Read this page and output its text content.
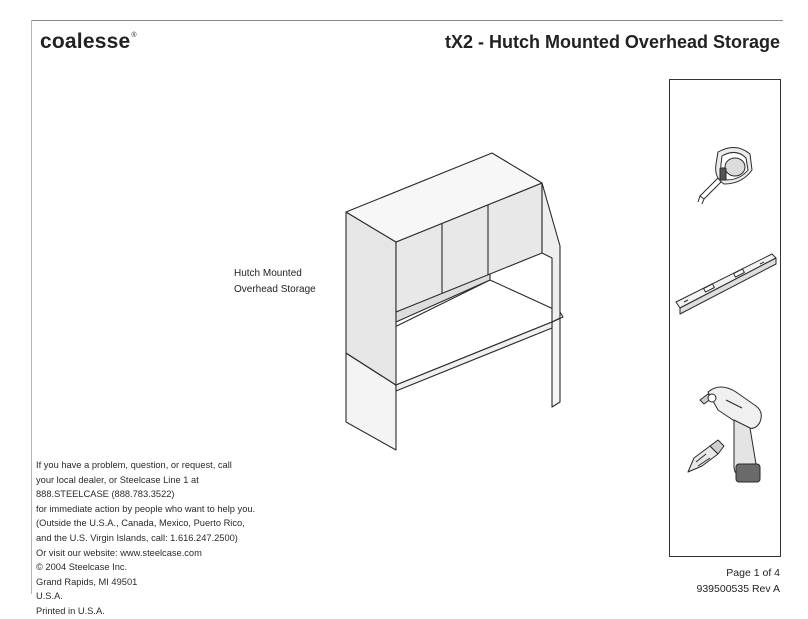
coalesse®	tX2 - Hutch Mounted Overhead Storage
Hutch Mounted
Overhead Storage
If you have a problem, question, or request, call
your local dealer, or Steelcase Line 1 at
888.STEELCASE (888.783.3522)
for immediate action by people who want to help you.
(Outside the U.S.A., Canada, Mexico, Puerto Rico,
and the U.S. Virgin Islands, call: 1.616.247.2500)
Or visit our website: www.steelcase.com
© 2004 Steelcase Inc.
Grand Rapids, MI 49501
U.S.A.
Printed in U.S.A.
Page 1 of 4
939500535 Rev A
